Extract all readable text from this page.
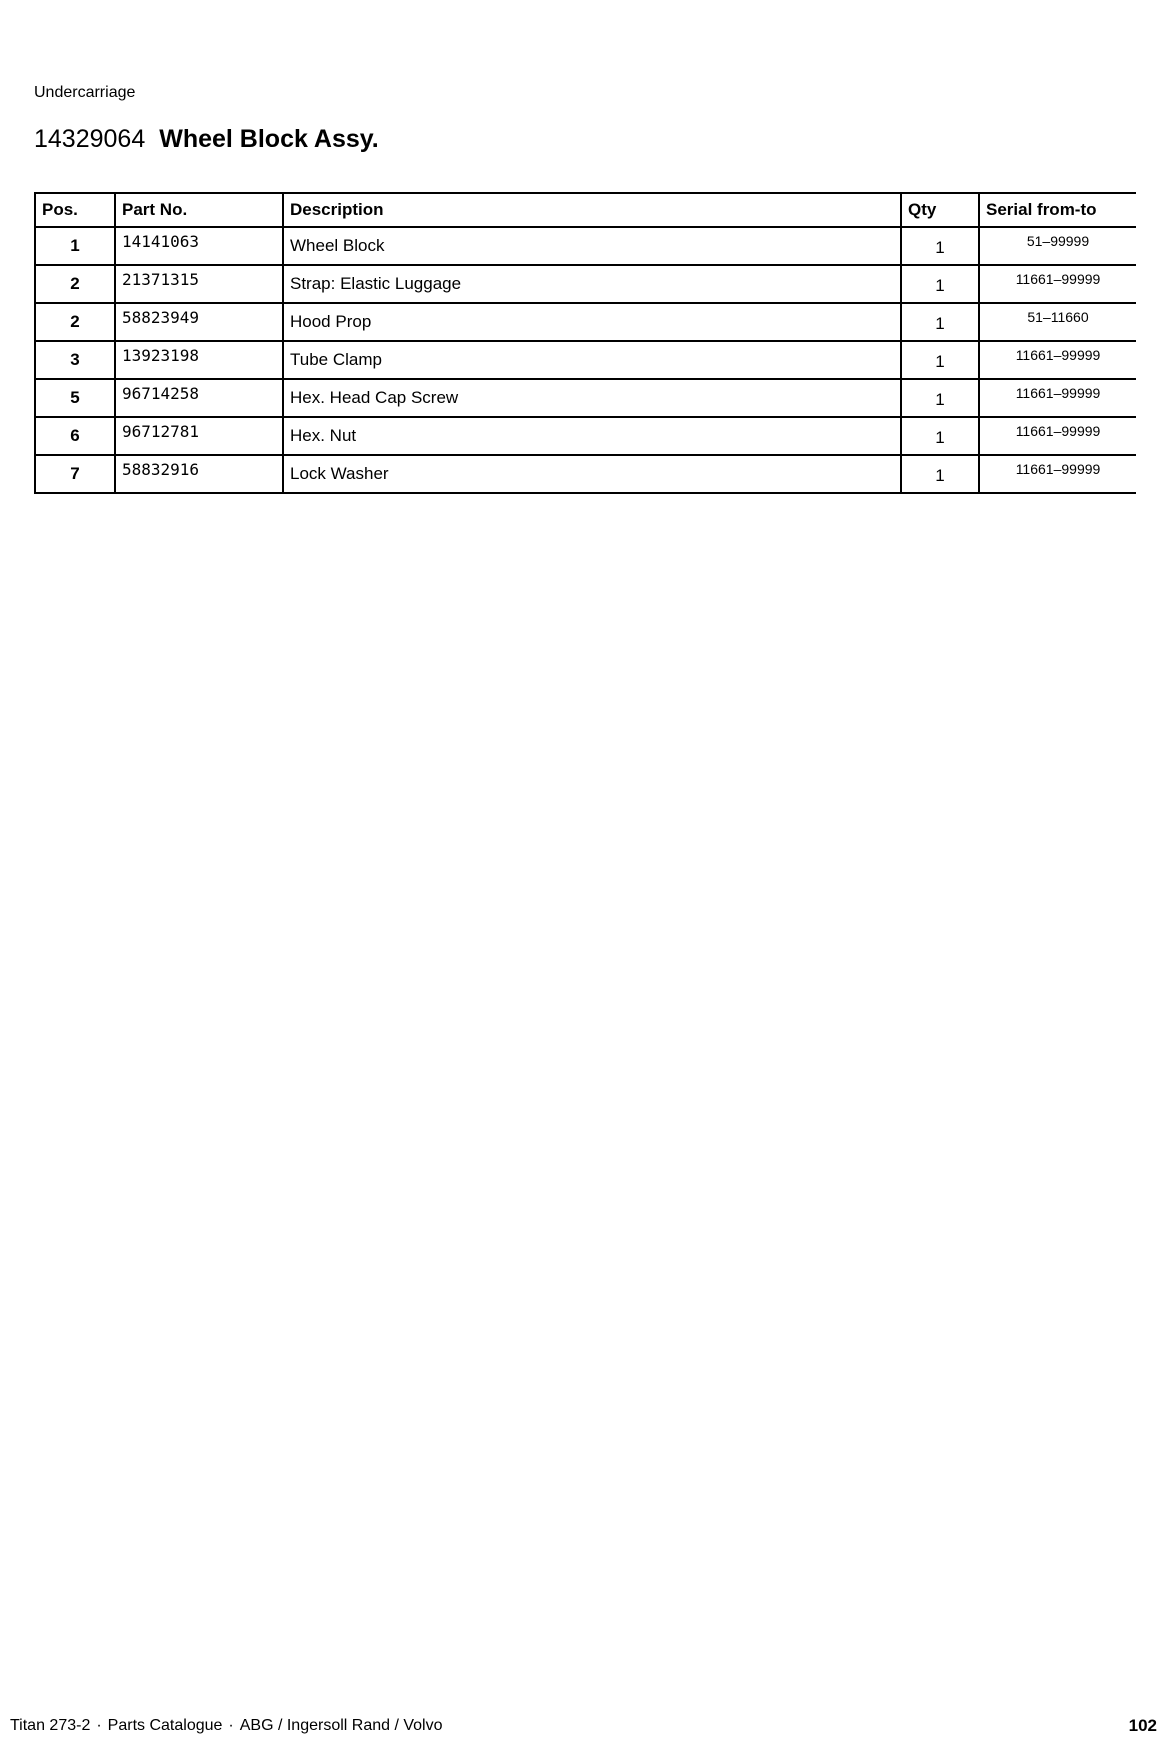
Undercarriage
14329064 Wheel Block Assy.
Pos.	Part No.	Description	Qty	Serial from-to
1	14141063	Wheel Block	1	51–99999
2	21371315	Strap: Elastic Luggage	1	11661–99999
2	58823949	Hood Prop	1	51–11660
3	13923198	Tube Clamp	1	11661–99999
5	96714258	Hex. Head Cap Screw	1	11661–99999
6	96712781	Hex. Nut	1	11661–99999
7	58832916	Lock Washer	1	11661–99999
Titan 273-2 · Parts Catalogue · ABG / Ingersoll Rand / Volvo	102
